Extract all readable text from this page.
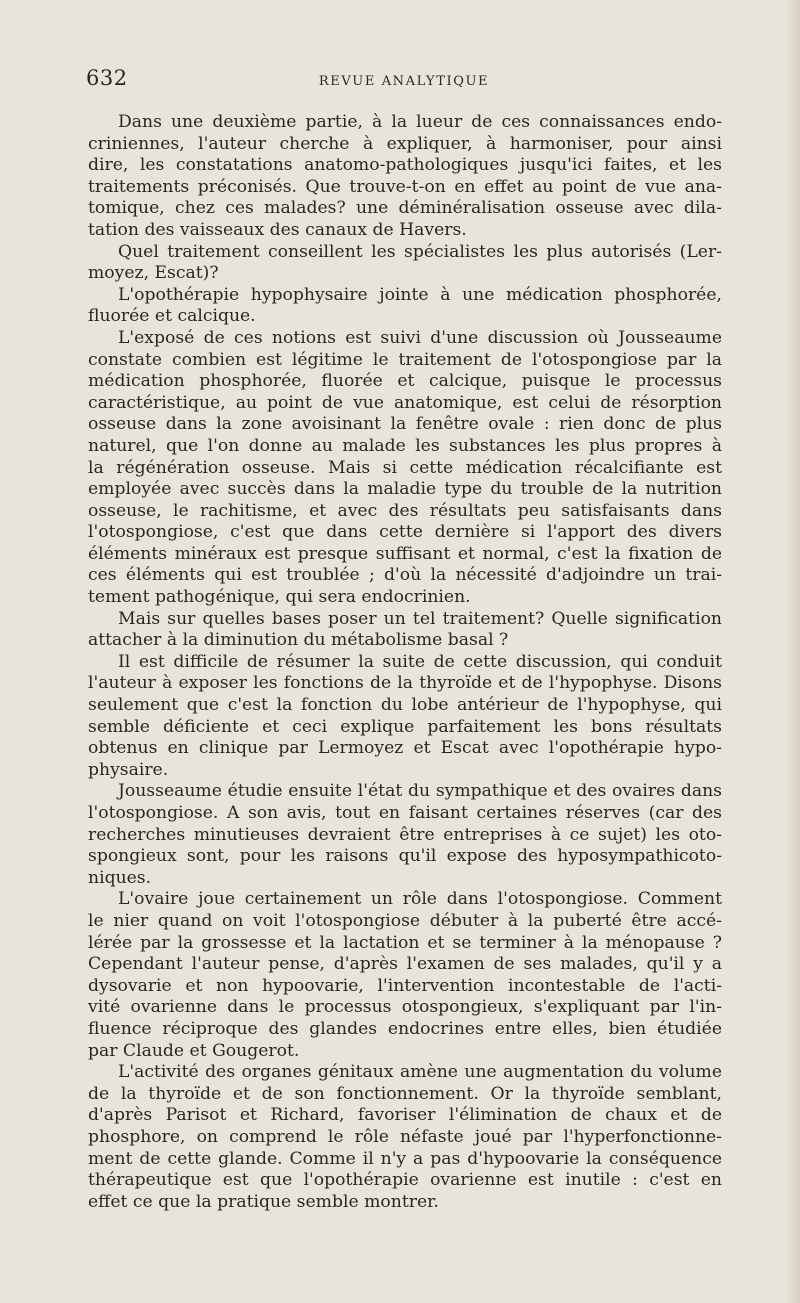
632	REVUE ANALYTIQUE
Dans une deuxième partie, à la lueur de ces connaissances endo-
criniennes, l'auteur cherche à expliquer, à harmoniser, pour ainsi
dire, les constatations anatomo-pathologiques jusqu'ici faites, et les
traitements préconisés. Que trouve-t-on en effet au point de vue ana-
tomique, chez ces malades? une déminéralisation osseuse avec dila-
tation des vaisseaux des canaux de Havers.
Quel traitement conseillent les spécialistes les plus autorisés (Ler-
moyez, Escat)?
L'opothérapie hypophysaire jointe à une médication phosphorée,
fluorée et calcique.
L'exposé de ces notions est suivi d'une discussion où Jousseaume
constate combien est légitime le traitement de l'otospongiose par la
médication phosphorée, fluorée et calcique, puisque le processus
caractéristique, au point de vue anatomique, est celui de résorption
osseuse dans la zone avoisinant la fenêtre ovale : rien donc de plus
naturel, que l'on donne au malade les substances les plus propres à
la régénération osseuse. Mais si cette médication récalcifiante est
employée avec succès dans la maladie type du trouble de la nutrition
osseuse, le rachitisme, et avec des résultats peu satisfaisants dans
l'otospongiose, c'est que dans cette dernière si l'apport des divers
éléments minéraux est presque suffisant et normal, c'est la fixation de
ces éléments qui est troublée ; d'où la nécessité d'adjoindre un trai-
tement pathogénique, qui sera endocrinien.
Mais sur quelles bases poser un tel traitement? Quelle signification
attacher à la diminution du métabolisme basal ?
Il est difficile de résumer la suite de cette discussion, qui conduit
l'auteur à exposer les fonctions de la thyroïde et de l'hypophyse. Disons
seulement que c'est la fonction du lobe antérieur de l'hypophyse, qui
semble déficiente et ceci explique parfaitement les bons résultats
obtenus en clinique par Lermoyez et Escat avec l'opothérapie hypo-
physaire.
Jousseaume étudie ensuite l'état du sympathique et des ovaires dans
l'otospongiose. A son avis, tout en faisant certaines réserves (car des
recherches minutieuses devraient être entreprises à ce sujet) les oto-
spongieux sont, pour les raisons qu'il expose des hyposympathicoto-
niques.
L'ovaire joue certainement un rôle dans l'otospongiose. Comment
le nier quand on voit l'otospongiose débuter à la puberté être accé-
lérée par la grossesse et la lactation et se terminer à la ménopause ?
Cependant l'auteur pense, d'après l'examen de ses malades, qu'il y a
dysovarie et non hypoovarie, l'intervention incontestable de l'acti-
vité ovarienne dans le processus otospongieux, s'expliquant par l'in-
fluence réciproque des glandes endocrines entre elles, bien étudiée
par Claude et Gougerot.
L'activité des organes génitaux amène une augmentation du volume
de la thyroïde et de son fonctionnement. Or la thyroïde semblant,
d'après Parisot et Richard, favoriser l'élimination de chaux et de
phosphore, on comprend le rôle néfaste joué par l'hyperfonctionne-
ment de cette glande. Comme il n'y a pas d'hypoovarie la conséquence
thérapeutique est que l'opothérapie ovarienne est inutile : c'est en
effet ce que la pratique semble montrer.
